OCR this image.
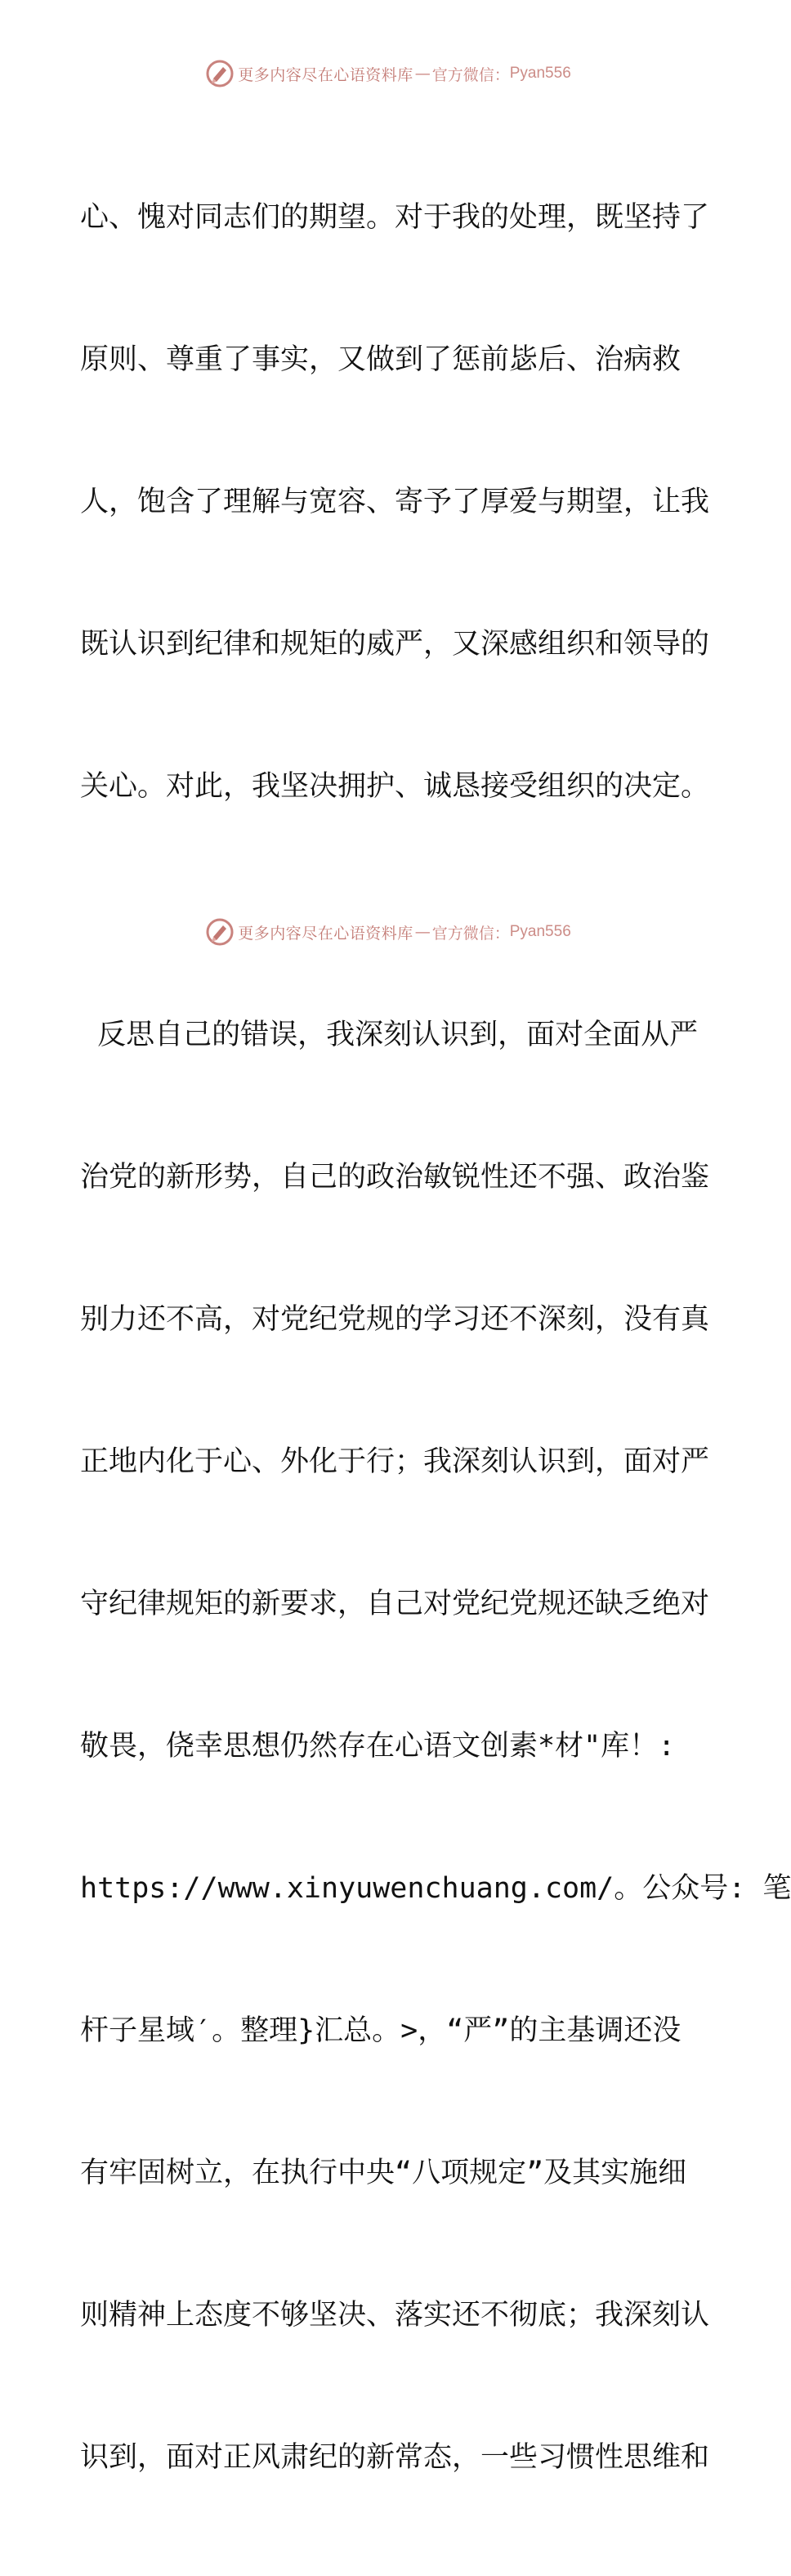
更多内容尽在心语资料库 — 官方微信： Pyan556

心、愧对同志们的期望。对于我的处理，既坚持了

原则、尊重了事实，又做到了惩前毖后、治病救

人，饱含了理解与宽容、寄予了厚爱与期望，让我

既认识到纪律和规矩的威严，又深感组织和领导的

关心。对此，我坚决拥护、诚恳接受组织的决定。

反思自己的错误，我深刻认识到，面对全面从严

治党的新形势，自己的政治敏锐性还不强、政治鉴

别力还不高，对党纪党规的学习还不深刻，没有真

正地内化于心、外化于行；我深刻认识到，面对严

守纪律规矩的新要求，自己对党纪党规还缺乏绝对

敬畏，侥幸思想仍然存在心语文创素*材"库！:

https://www.xinyuwenchuang.com/。公众号: 笔

杆子星域′。整理}汇总。>，“严”的主基调还没

有牢固树立，在执行中央“八项规定”及其实施细

则精神上态度不够坚决、落实还不彻底；我深刻认

识到，面对正风肃纪的新常态，一些习惯性思维和

更多内容尽在心语资料库 — 官方微信： Pyan556
